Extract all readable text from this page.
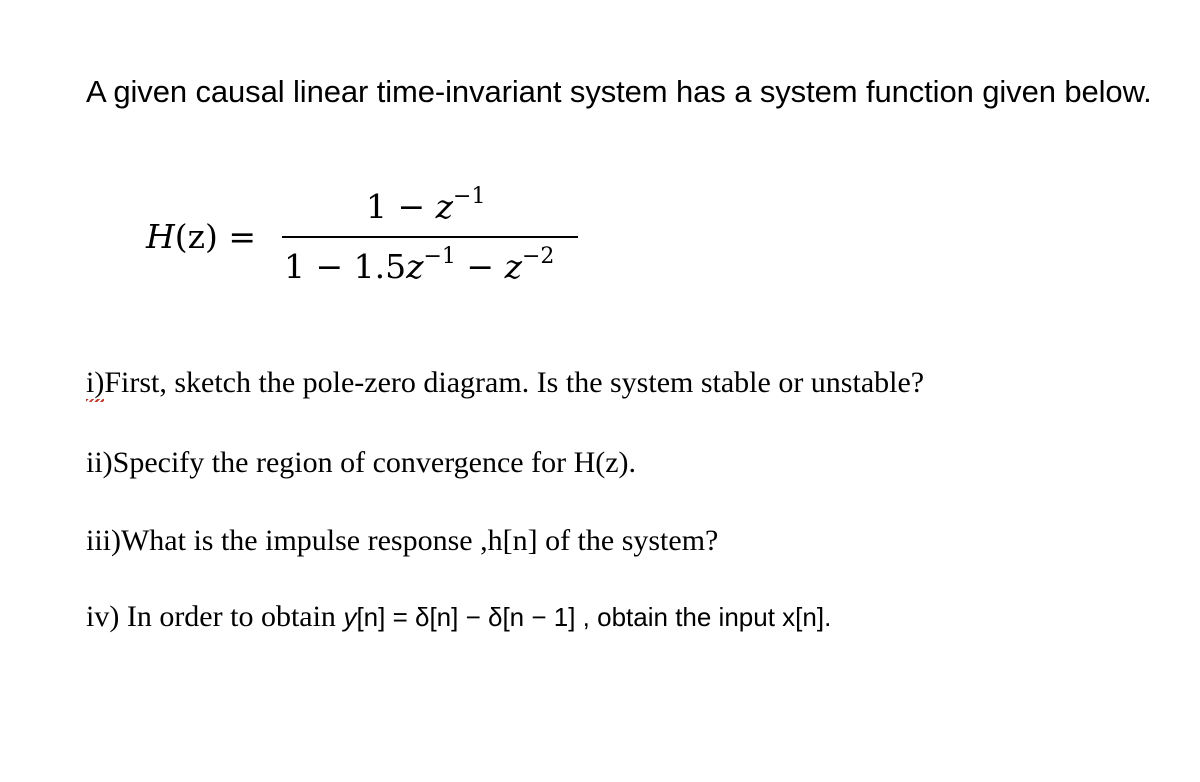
A given causal linear time-invariant system has a system function given below.
H(z) =
$1 - z^{-1}$
$1 - 1.5z^{-1} - z^{-2}$
i)First, sketch the pole-zero diagram. Is the system stable or unstable?
ii)Specify the region of convergence for H(z).
iii)What is the impulse response ,h[n] of the system?
iv) In order to obtain y[n] = δ[n] − δ[n − 1] , obtain the input x[n].
